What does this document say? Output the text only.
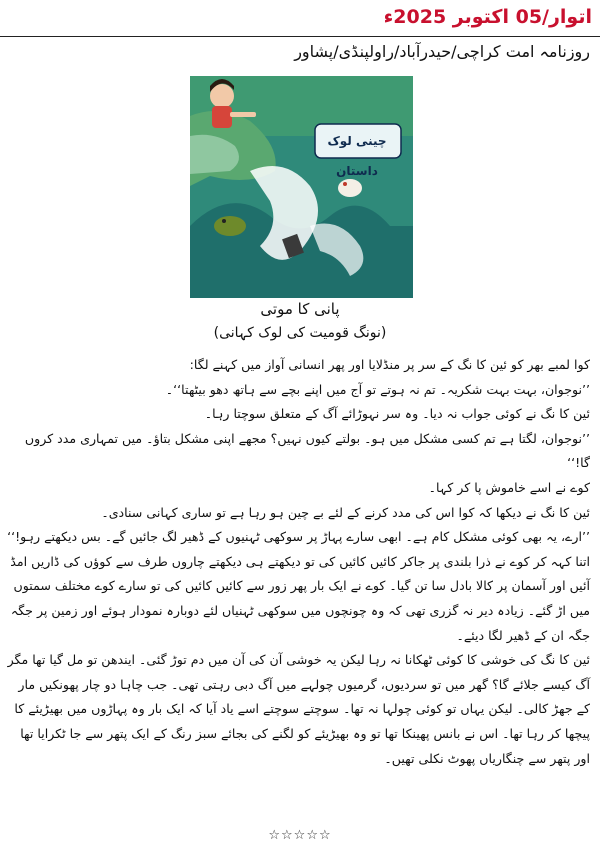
اتوار/05 اکتوبر 2025ء
روزنامہ امت کراچی/حیدرآباد/راولپنڈی/پشاور
چینی لوک داستان
پانی کا موتی
(نونگ قومیت کی لوک کہانی)

کوا لمبے بھر کو ئین کا نگ کے سر پر منڈلایا اور پھر انسانی آواز میں کہنے لگا:

’’نوجوان، بہت بہت شکریہ۔ تم نہ ہوتے تو آج میں اپنے بچے سے ہاتھ دھو بیٹھتا‘‘۔

ئین کا نگ نے کوئی جواب نہ دیا۔ وہ سر نہوڑائے آگ کے متعلق سوچتا رہا۔

’’نوجوان، لگتا ہے تم کسی مشکل میں ہو۔ بولتے کیوں نہیں؟ مجھے اپنی مشکل بتاؤ۔ میں تمہاری مدد کروں گا!‘‘

کوے نے اسے خاموش پا کر کہا۔

ئین کا نگ نے دیکھا کہ کوا اس کی مدد کرنے کے لئے بے چین ہو رہا ہے تو ساری کہانی سنادی۔

’’ارے، یہ بھی کوئی مشکل کام ہے۔ ابھی سارے پہاڑ پر سوکھی ٹہنیوں کے ڈھیر لگ جائیں گے۔ بس دیکھتے رہو!‘‘

اتنا کہہ کر کوے نے ذرا بلندی پر جاکر کائیں کائیں کی تو دیکھتے ہی دیکھتے چاروں طرف سے کوؤں کی ڈاریں امڈ آئیں اور آسمان پر کالا بادل سا تن گیا۔ کوے نے ایک بار پھر زور سے کائیں کائیں کی تو سارے کوے مختلف سمتوں میں اڑ گئے۔ زیادہ دیر نہ گزری تھی کہ وہ چونچوں میں سوکھی ٹہنیاں لئے دوبارہ نمودار ہوئے اور زمین پر جگہ جگہ ان کے ڈھیر لگا دیئے۔

ئین کا نگ کی خوشی کا کوئی ٹھکانا نہ رہا لیکن یہ خوشی آن کی آن میں دم توڑ گئی۔ ایندھن تو مل گیا تھا مگر آگ کیسے جلائے گا؟ گھر میں تو سردیوں، گرمیوں چولہے میں آگ دبی رہتی تھی۔ جب چاہا دو چار پھونکیں مار کے جھڑ کالی۔ لیکن یہاں تو کوئی چولہا نہ تھا۔ سوچتے سوچتے اسے یاد آیا کہ ایک بار وہ پہاڑوں میں بھیڑیئے کا پیچھا کر رہا تھا۔ اس نے بانس پھینکا تھا تو وہ بھیڑیئے کو لگنے کی بجائے سبز رنگ کے ایک پتھر سے جا ٹکرایا تھا اور پتھر سے چنگاریاں پھوٹ نکلی تھیں۔

☆☆☆☆☆
